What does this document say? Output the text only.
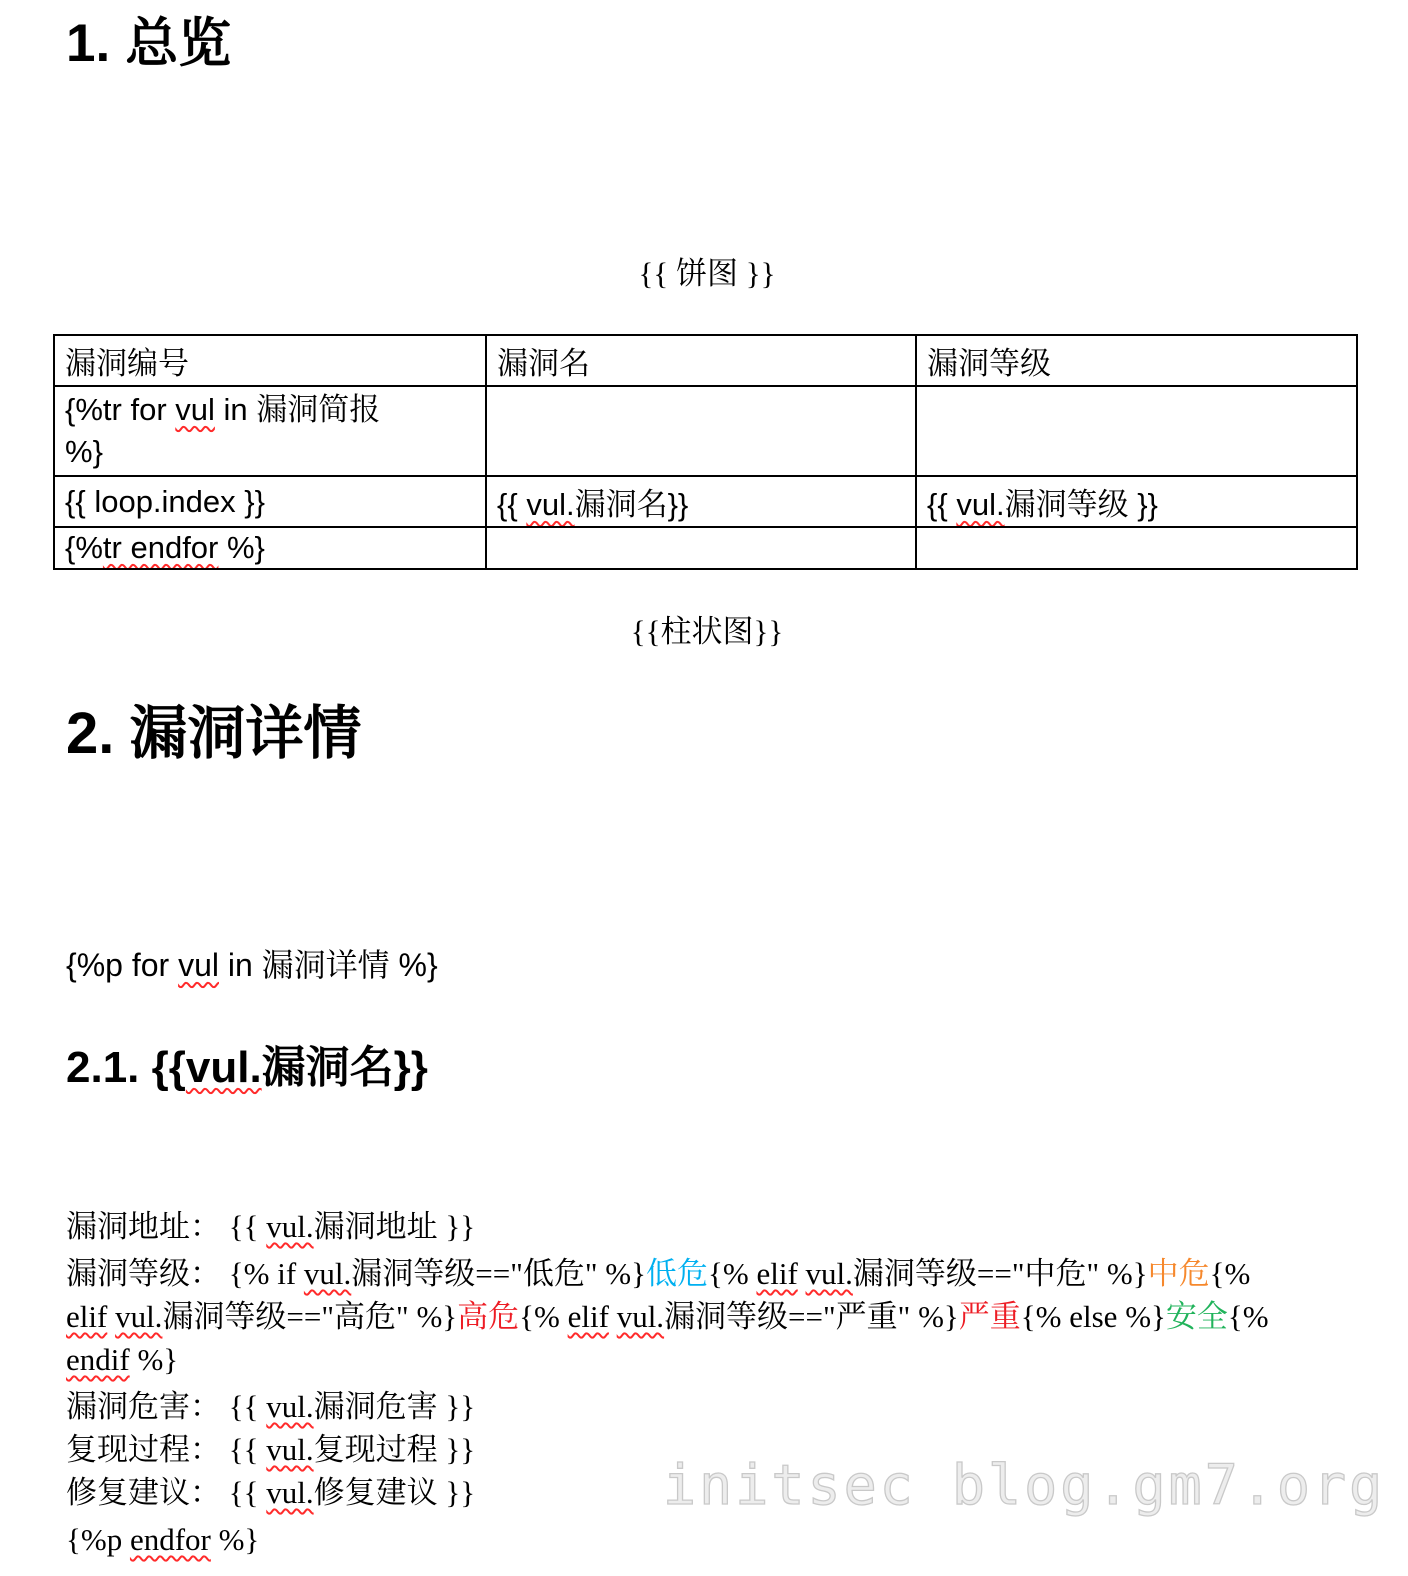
1. 总览
{{ 饼图 }}
漏洞编号	漏洞名	漏洞等级
{%tr for vul in 漏洞简报
%}		
{{ loop.index }}	{{ vul.漏洞名}}	{{ vul.漏洞等级 }}
{%tr endfor %}		
{{柱状图}}
2. 漏洞详情
{%p for vul in 漏洞详情 %}
2.1. {{vul.漏洞名}}
漏洞地址： {{ vul.漏洞地址 }}
漏洞等级： {% if vul.漏洞等级=="低危" %}低危{% elif vul.漏洞等级=="中危" %}中危{%
elif vul.漏洞等级=="高危" %}高危{% elif vul.漏洞等级=="严重" %}严重{% else %}安全{%
endif %}
漏洞危害： {{ vul.漏洞危害 }}
复现过程： {{ vul.复现过程 }}
修复建议： {{ vul.修复建议 }}
{%p endfor %}
initsec blog.gm7.org
